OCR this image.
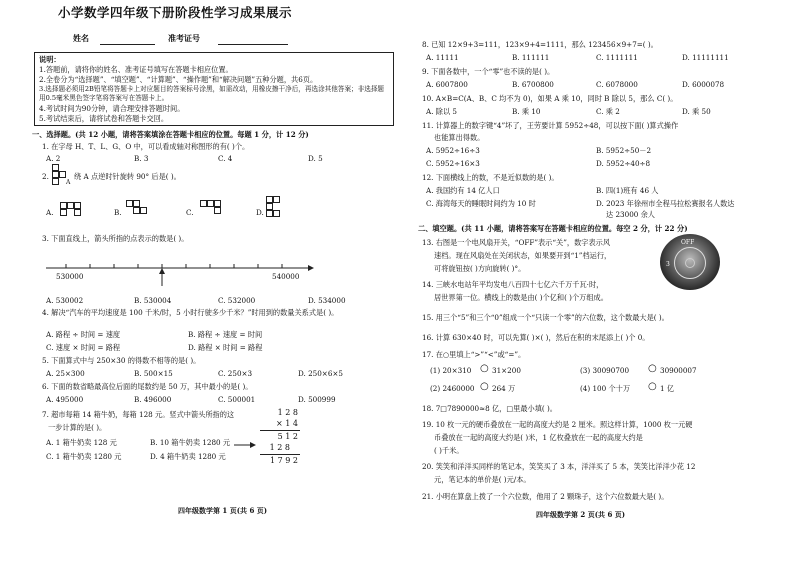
小学数学四年级下册阶段性学习成果展示
姓名	准考证号
说明：
1.答题前，请将你的姓名、准考证号填写在答题卡相应位置。
2.全卷分为“选择题”、“填空题”、“计算题”、“操作题”和“解决问题”五种分题，共6页。
3.选择题必须用2B铅笔将答题卡上对应题目的答案标号涂黑，如需改动，用橡皮擦干净后，再选涂其他答案；非选择题用0.5毫米黑色签字笔将答案写在答题卡上。
4.考试时间为90分钟，请合理安排答题时间。
5.考试结束后，请将试卷和答题卡交回。
一、选择题。(共 12 小题，请将答案填涂在答题卡相应的位置。每题 1 分，计 12 分)
1. 在字母 H、T、L、G、O 中，可以看成轴对称图形的有( )个。
A. 2	B. 3	C. 4	D. 5
2.
A
绕 A 点逆时针旋转 90° 后是( )。
A.	B.	C.	D.
3. 下面直线上，箭头所指的点表示的数是( )。
530000	540000
A. 530002	B. 530004	C. 532000	D. 534000
4. 解决“汽车的平均速度是 100 千米/时，5 小时行驶多少千米？”时用到的数量关系式是( )。
A. 路程 ÷ 时间 = 速度	B. 路程 ÷ 速度 = 时间
C. 速度 × 时间 = 路程	D. 路程 × 时间 = 路程
5. 下面算式中与 250×30 的得数不相等的是( )。
A. 25×300	B. 500×15	C. 250×3	D. 250×6×5
6. 下面的数省略最高位后面的尾数约是 50 万，其中最小的是( )。
A. 495000	B. 496000	C. 500001	D. 500999
7. 超市每箱 14 箱牛奶，每箱 128 元。竖式中箭头所指的这
一步计算的是( )。
A. 1 箱牛奶卖 128 元	B. 10 箱牛奶卖 1280 元
C. 1 箱牛奶卖 1280 元	D. 4 箱牛奶卖 1280 元
1 2 8
× 1 4
5 1 2
1 2 8
1 7 9 2
四年级数学第 1 页(共 6 页)
8. 已知 12×9+3=111，123×9+4=1111，那么 123456×9+7=( )。
A. 11111	B. 111111	C. 1111111	D. 11111111
9. 下面各数中，一个“零”也不读的是( )。
A. 6007800	B. 6700800	C. 6078000	D. 6000078
10. A×B=C(A、B、C 均不为 0)，如果 A 乘 10，同时 B 除以 5，那么 C( )。
A. 除以 5	B. 乘 10	C. 乘 2	D. 乘 50
11. 计算器上的数字键“4”坏了，王劳要计算 5952÷48，可以按下面( )算式操作
也能算出得数。
A. 5952÷16÷3	B. 5952÷50－2
C. 5952÷16×3	D. 5952÷40÷8
12. 下面横线上的数，不是近似数的是( )。
A. 我国约有 14 亿人口	B. 四(1)班有 46 人
C. 海湾每天的睡眠时间约为 10 时	D. 2023 年徐州市全程马拉松赛报名人数达
达 23000 余人
二、填空题。(共 11 小题，请将答案写在答题卡相应的位置。每空 2 分，计 22 分)
13. 右图是一个电风扇开关，“OFF”表示“关”，数字表示风
速档。现在风扇处在关闭状态，如果要开到“1”档运行，
可将旋钮按( )方向旋转( )°。
OFF
3
14. 三峡水电站年平均发电八百四十七亿六千万千瓦·时，
居世界第一位。横线上的数是由( )个亿和( )个万组成。
15. 用三个“5”和三个“0”组成一个“只读一个零”的六位数，这个数最大是( )。
16. 计算 630×40 时，可以先算( )×( )，然后在积的末尾添上( )个 0。
17. 在○里填上“>”“<”或“=”。
(1) 20×310 ○ 31×200	(3) 30090700 ○ 30900007
(2) 2460000 ○ 264 万	(4) 100 个十万 ○ 1 亿
18. 7□7890000≈8 亿，□里最小填( )。
19. 10 枚一元的硬币叠放在一起的高度大约是 2 厘米。照这样计算，1000 枚一元硬
币叠放在一起的高度大约是( )米，1 亿枚叠放在一起的高度大约是
( )千米。
20. 笑笑和洋洋买同样的笔记本，笑笑买了 3 本，洋洋买了 5 本，笑笑比洋洋少花 12
元，笔记本的单价是( )元/本。
21. 小明在算盘上拨了一个六位数，他用了 2 颗珠子，这个六位数最大是( )。
四年级数学第 2 页(共 6 页)
